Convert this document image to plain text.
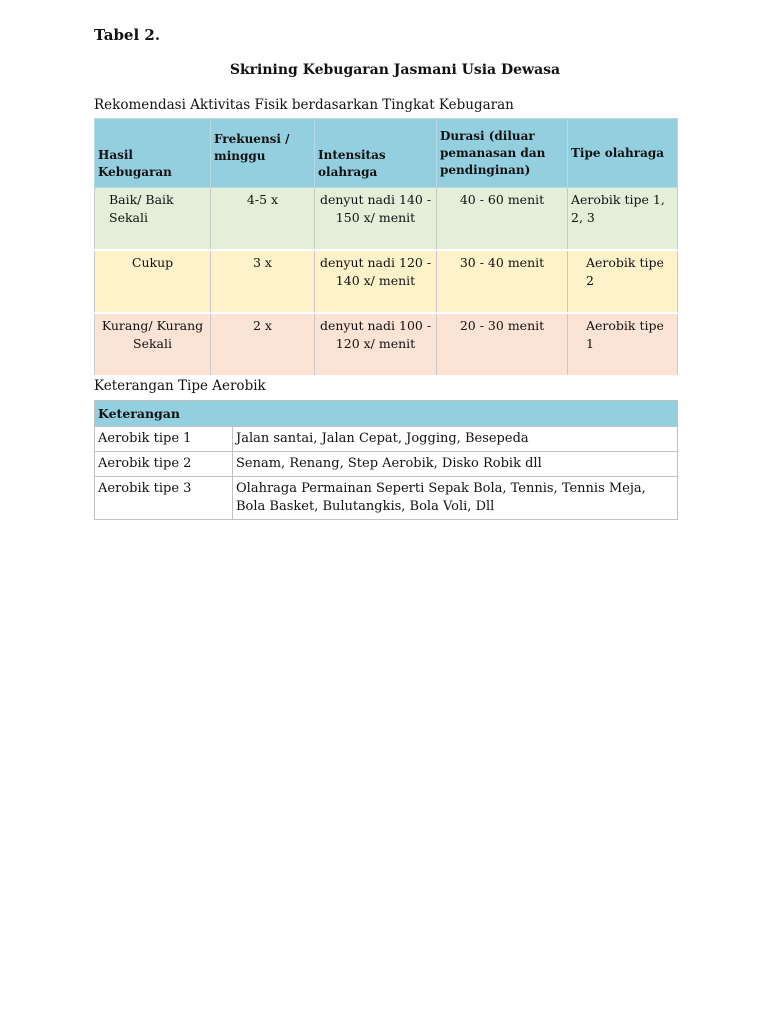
Tabel 2.
Skrining Kebugaran Jasmani Usia Dewasa
Rekomendasi Aktivitas Fisik berdasarkan Tingkat Kebugaran
Hasil Kebugaran	Frekuensi / minggu	Intensitas olahraga	Durasi (diluar pemanasan dan pendinginan)	Tipe olahraga
Baik/ Baik Sekali	4-5 x	denyut nadi 140 - 150 x/ menit	40 - 60 menit	Aerobik tipe 1, 2, 3
Cukup	3 x	denyut nadi 120 - 140 x/ menit	30 - 40 menit	Aerobik tipe 2
Kurang/ Kurang Sekali	2 x	denyut nadi 100 - 120 x/ menit	20 - 30 menit	Aerobik tipe 1
Keterangan Tipe Aerobik
Keterangan	
Aerobik tipe 1	Jalan santai, Jalan Cepat, Jogging, Besepeda
Aerobik tipe 2	Senam, Renang, Step Aerobik, Disko Robik dll
Aerobik tipe 3	Olahraga Permainan Seperti Sepak Bola, Tennis, Tennis Meja, Bola Basket, Bulutangkis, Bola Voli, Dll
